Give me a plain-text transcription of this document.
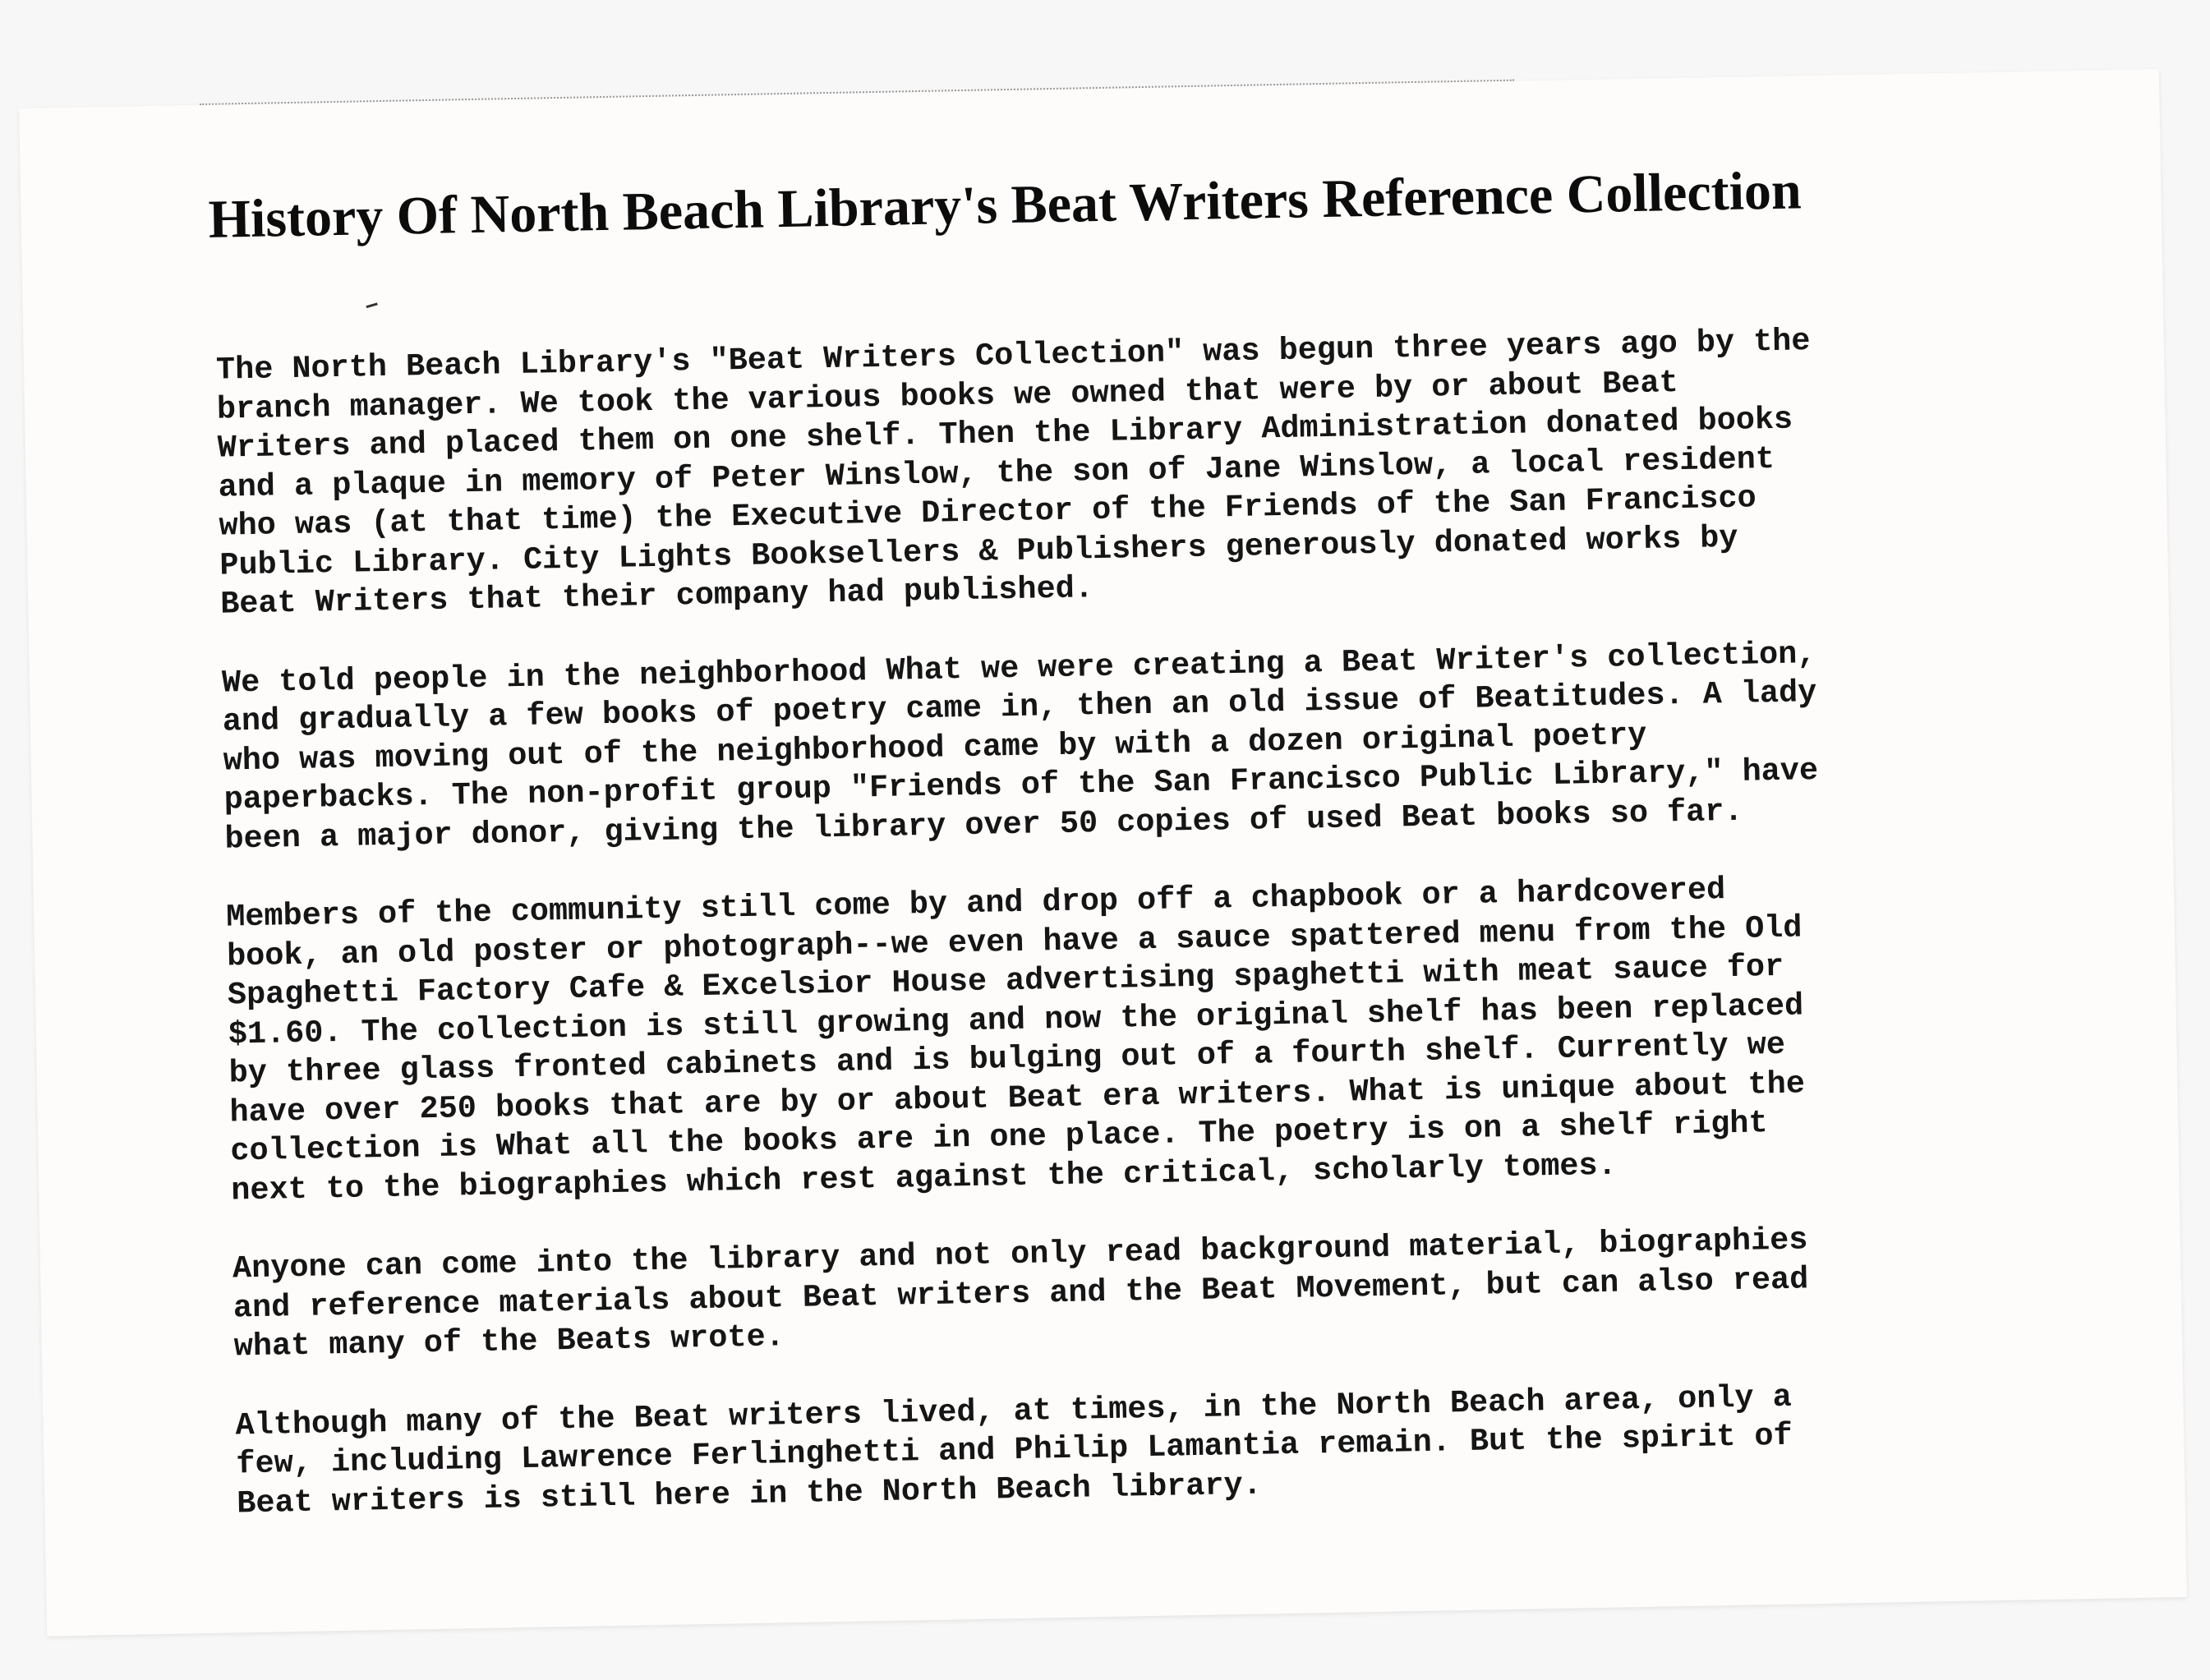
History Of North Beach Library's Beat Writers Reference Collection

The North Beach Library's "Beat Writers Collection" was begun three years ago by the
branch manager. We took the various books we owned that were by or about Beat
Writers and placed them on one shelf. Then the Library Administration donated books
and a plaque in memory of Peter Winslow, the son of Jane Winslow, a local resident
who was (at that time) the Executive Director of the Friends of the San Francisco
Public Library. City Lights Booksellers & Publishers generously donated works by
Beat Writers that their company had published.

We told people in the neighborhood What we were creating a Beat Writer's collection,
and gradually a few books of poetry came in, then an old issue of Beatitudes. A lady
who was moving out of the neighborhood came by with a dozen original poetry
paperbacks. The non-profit group "Friends of the San Francisco Public Library," have
been a major donor, giving the library over 50 copies of used Beat books so far.

Members of the community still come by and drop off a chapbook or a hardcovered
book, an old poster or photograph--we even have a sauce spattered menu from the Old
Spaghetti Factory Cafe & Excelsior House advertising spaghetti with meat sauce for
$1.60. The collection is still growing and now the original shelf has been replaced
by three glass fronted cabinets and is bulging out of a fourth shelf. Currently we
have over 250 books that are by or about Beat era writers. What is unique about the
collection is What all the books are in one place. The poetry is on a shelf right
next to the biographies which rest against the critical, scholarly tomes.

Anyone can come into the library and not only read background material, biographies
and reference materials about Beat writers and the Beat Movement, but can also read
what many of the Beats wrote.

Although many of the Beat writers lived, at times, in the North Beach area, only a
few, including Lawrence Ferlinghetti and Philip Lamantia remain. But the spirit of
Beat writers is still here in the North Beach library.
